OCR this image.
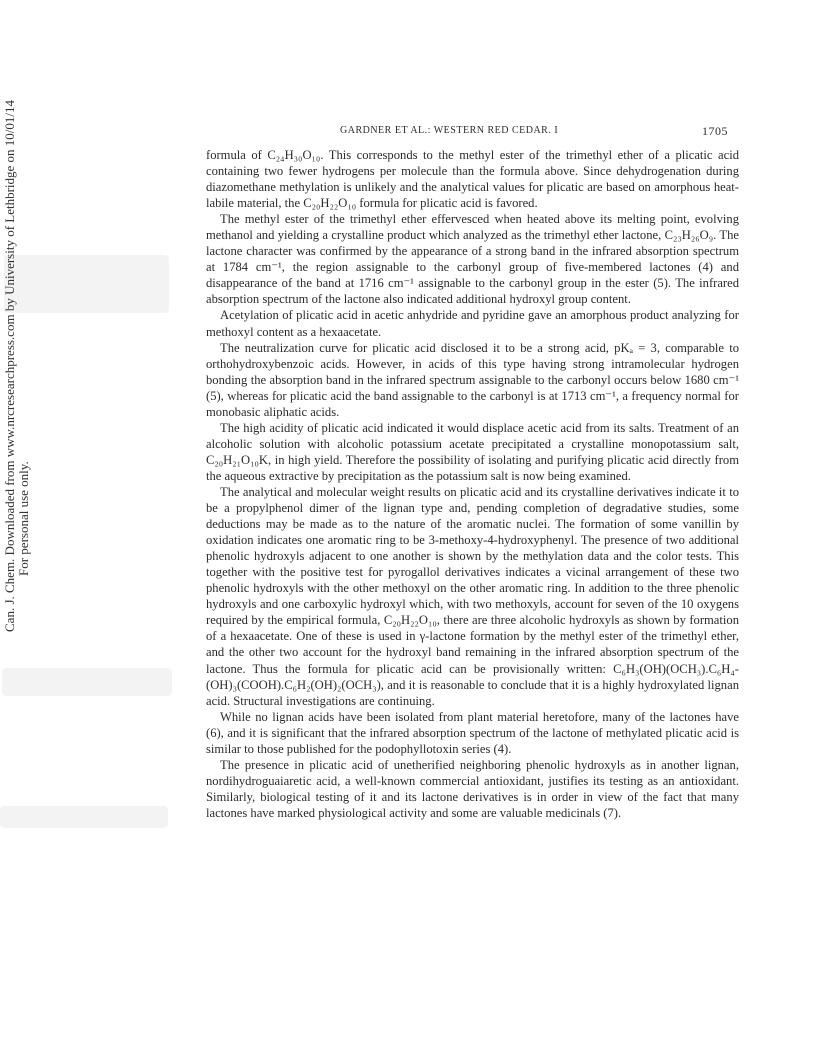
Can. J. Chem. Downloaded from www.nrcresearchpress.com by University of Lethbridge on 10/01/14
For personal use only.
GARDNER ET AL.: WESTERN RED CEDAR. I	1705

formula of C₂₄H₃₀O₁₀. This corresponds to the methyl ester of the trimethyl ether of a plicatic acid containing two fewer hydrogens per molecule than the formula above. Since dehydrogenation during diazomethane methylation is unlikely and the analytical values for plicatic are based on amorphous heat-labile material, the C₂₀H₂₂O₁₀ formula for plicatic acid is favored.

The methyl ester of the trimethyl ether effervesced when heated above its melting point, evolving methanol and yielding a crystalline product which analyzed as the trimethyl ether lactone, C₂₃H₂₆O₉. The lactone character was confirmed by the appearance of a strong band in the infrared absorption spectrum at 1784 cm⁻¹, the region assignable to the carbonyl group of five-membered lactones (4) and disappearance of the band at 1716 cm⁻¹ assignable to the carbonyl group in the ester (5). The infrared absorption spectrum of the lactone also indicated additional hydroxyl group content.

Acetylation of plicatic acid in acetic anhydride and pyridine gave an amorphous product analyzing for methoxyl content as a hexaacetate.

The neutralization curve for plicatic acid disclosed it to be a strong acid, pKₐ = 3, comparable to orthohydroxybenzoic acids. However, in acids of this type having strong intramolecular hydrogen bonding the absorption band in the infrared spectrum assignable to the carbonyl occurs below 1680 cm⁻¹ (5), whereas for plicatic acid the band assignable to the carbonyl is at 1713 cm⁻¹, a frequency normal for monobasic aliphatic acids.

The high acidity of plicatic acid indicated it would displace acetic acid from its salts. Treatment of an alcoholic solution with alcoholic potassium acetate precipitated a crystalline monopotassium salt, C₂₀H₂₁O₁₀K, in high yield. Therefore the possibility of isolating and purifying plicatic acid directly from the aqueous extractive by precipitation as the potassium salt is now being examined.

The analytical and molecular weight results on plicatic acid and its crystalline derivatives indicate it to be a propylphenol dimer of the lignan type and, pending completion of degradative studies, some deductions may be made as to the nature of the aromatic nuclei. The formation of some vanillin by oxidation indicates one aromatic ring to be 3-methoxy-4-hydroxyphenyl. The presence of two additional phenolic hydroxyls adjacent to one another is shown by the methylation data and the color tests. This together with the positive test for pyrogallol derivatives indicates a vicinal arrangement of these two phenolic hydroxyls with the other methoxyl on the other aromatic ring. In addition to the three phenolic hydroxyls and one carboxylic hydroxyl which, with two methoxyls, account for seven of the 10 oxygens required by the empirical formula, C₂₀H₂₂O₁₀, there are three alcoholic hydroxyls as shown by formation of a hexaacetate. One of these is used in γ-lactone formation by the methyl ester of the trimethyl ether, and the other two account for the hydroxyl band remaining in the infrared absorption spectrum of the lactone. Thus the formula for plicatic acid can be provisionally written: C₆H₃(OH)(OCH₃).C₆H₄-(OH)₃(COOH).C₆H₂(OH)₂(OCH₃), and it is reasonable to conclude that it is a highly hydroxylated lignan acid. Structural investigations are continuing.

While no lignan acids have been isolated from plant material heretofore, many of the lactones have (6), and it is significant that the infrared absorption spectrum of the lactone of methylated plicatic acid is similar to those published for the podophyllotoxin series (4).

The presence in plicatic acid of unetherified neighboring phenolic hydroxyls as in another lignan, nordihydroguaiaretic acid, a well-known commercial antioxidant, justifies its testing as an antioxidant. Similarly, biological testing of it and its lactone derivatives is in order in view of the fact that many lactones have marked physiological activity and some are valuable medicinals (7).
